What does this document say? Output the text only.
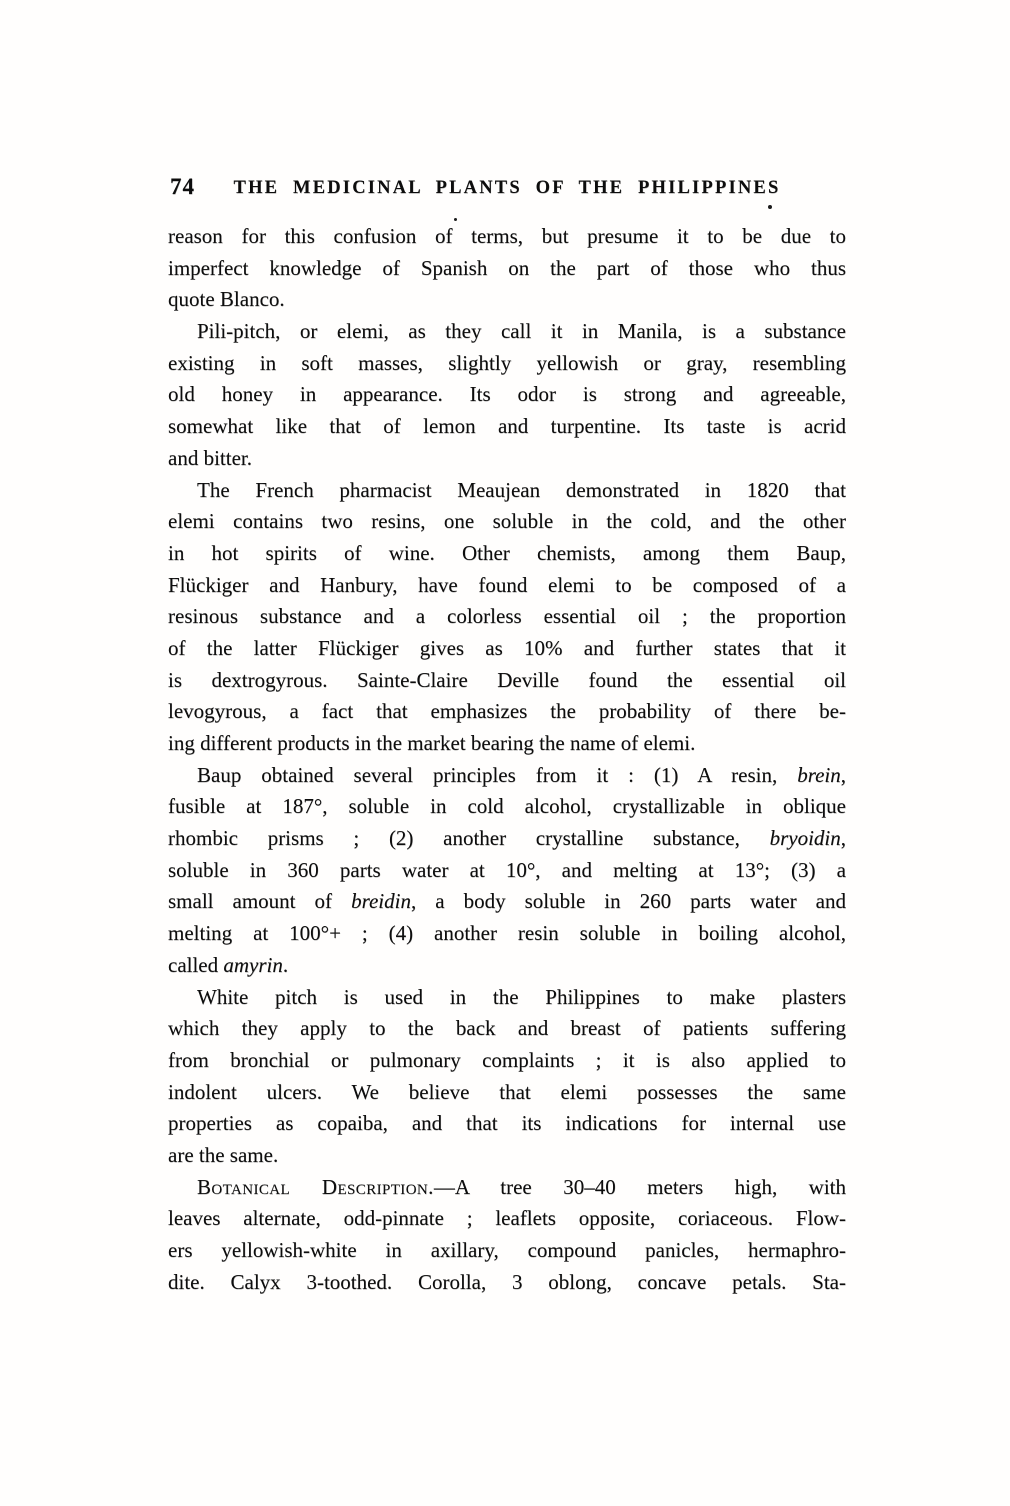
74	THE MEDICINAL PLANTS OF THE PHILIPPINES
reason for this confusion of terms, but presume it to be due to
imperfect knowledge of Spanish on the part of those who thus
quote Blanco.
Pili-pitch, or elemi, as they call it in Manila, is a substance
existing in soft masses, slightly yellowish or gray, resembling
old honey in appearance. Its odor is strong and agreeable,
somewhat like that of lemon and turpentine. Its taste is acrid
and bitter.
The French pharmacist Meaujean demonstrated in 1820 that
elemi contains two resins, one soluble in the cold, and the other
in hot spirits of wine. Other chemists, among them Baup,
Flückiger and Hanbury, have found elemi to be composed of a
resinous substance and a colorless essential oil ; the proportion
of the latter Flückiger gives as 10% and further states that it
is dextrogyrous. Sainte-Claire Deville found the essential oil
levogyrous, a fact that emphasizes the probability of there be-
ing different products in the market bearing the name of elemi.
Baup obtained several principles from it : (1) A resin, brein,
fusible at 187°, soluble in cold alcohol, crystallizable in oblique
rhombic prisms ; (2) another crystalline substance, bryoidin,
soluble in 360 parts water at 10°, and melting at 13°; (3) a
small amount of breidin, a body soluble in 260 parts water and
melting at 100°+ ; (4) another resin soluble in boiling alcohol,
called amyrin.
White pitch is used in the Philippines to make plasters
which they apply to the back and breast of patients suffering
from bronchial or pulmonary complaints ; it is also applied to
indolent ulcers. We believe that elemi possesses the same
properties as copaiba, and that its indications for internal use
are the same.
Botanical Description.—A tree 30–40 meters high, with
leaves alternate, odd-pinnate ; leaflets opposite, coriaceous. Flow-
ers yellowish-white in axillary, compound panicles, hermaphro-
dite. Calyx 3-toothed. Corolla, 3 oblong, concave petals. Sta-
